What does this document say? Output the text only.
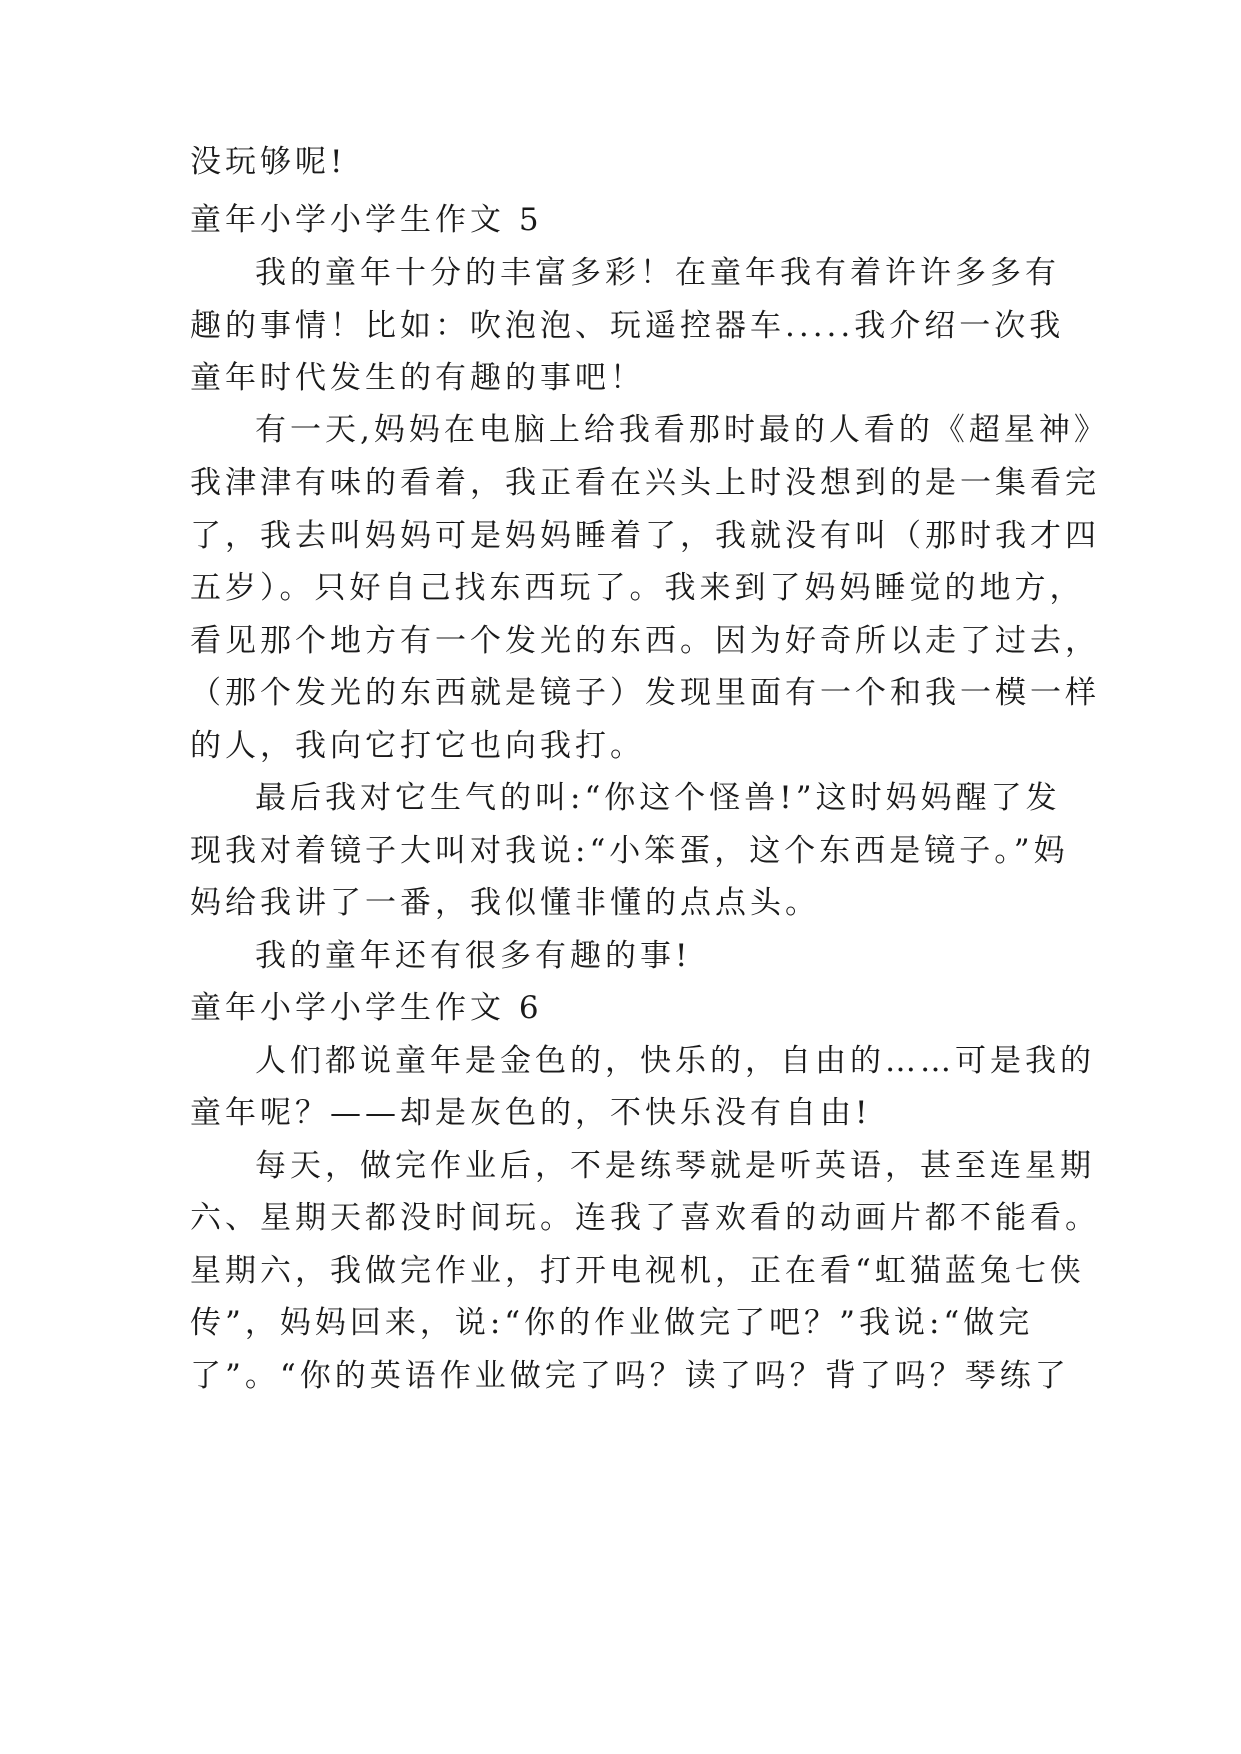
没玩够呢!
童年小学小学生作文 5
我的童年十分的丰富多彩！在童年我有着许许多多有
趣的事情！比如：吹泡泡、玩遥控器车.....我介绍一次我
童年时代发生的有趣的事吧！
有一天,妈妈在电脑上给我看那时最的人看的《超星神》
我津津有味的看着，我正看在兴头上时没想到的是一集看完
了，我去叫妈妈可是妈妈睡着了，我就没有叫（那时我才四
五岁）。只好自己找东西玩了。我来到了妈妈睡觉的地方，
看见那个地方有一个发光的东西。因为好奇所以走了过去，
（那个发光的东西就是镜子）发现里面有一个和我一模一样
的人，我向它打它也向我打。
最后我对它生气的叫:“你这个怪兽!”这时妈妈醒了发
现我对着镜子大叫对我说:“小笨蛋，这个东西是镜子。”妈
妈给我讲了一番，我似懂非懂的点点头。
我的童年还有很多有趣的事!
童年小学小学生作文 6
人们都说童年是金色的，快乐的，自由的……可是我的
童年呢？——却是灰色的，不快乐没有自由!
每天，做完作业后，不是练琴就是听英语，甚至连星期
六、星期天都没时间玩。连我了喜欢看的动画片都不能看。
星期六，我做完作业，打开电视机，正在看“虹猫蓝兔七侠
传”，妈妈回来，说:“你的作业做完了吧？”我说:“做完
了”。“你的英语作业做完了吗？读了吗？背了吗？琴练了
